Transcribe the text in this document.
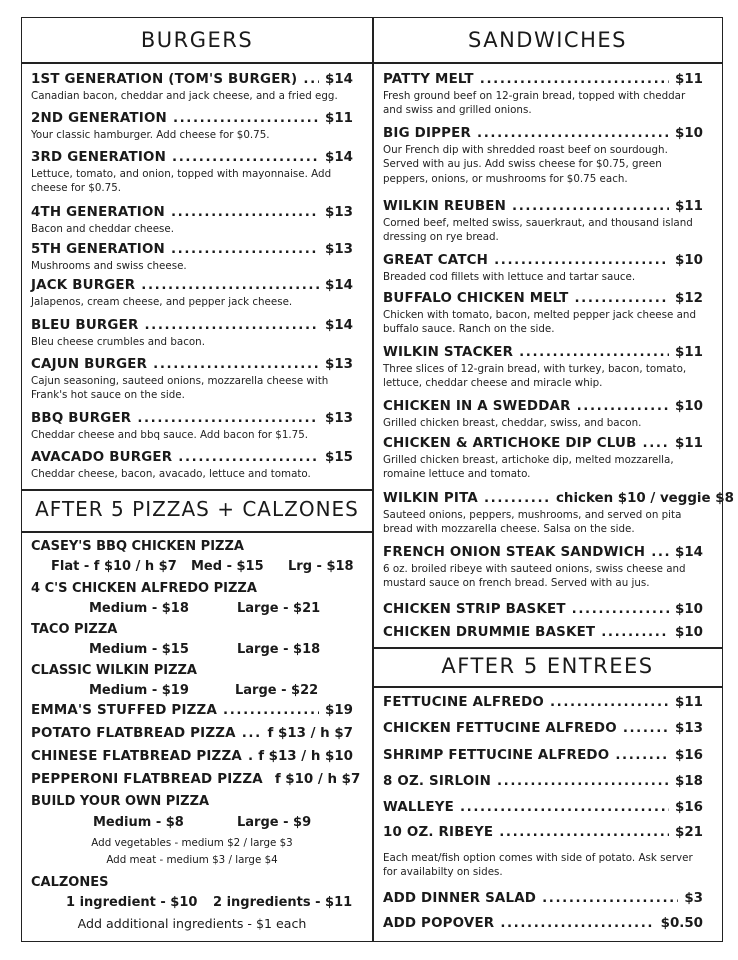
BURGERS	SANDWICHES
AFTER 5 PIZZAS + CALZONES
AFTER 5 ENTREES
1ST GENERATION (TOM'S BURGER) ..... $14
Canadian bacon, cheddar and jack cheese, and a fried egg.
2ND GENERATION .....	$11
Your classic hamburger. Add cheese for $0.75.
3RD GENERATION .....	$14
Lettuce, tomato, and onion, topped with mayonnaise. Add cheese for $0.75.
4TH GENERATION .....	$13
Bacon and cheddar cheese.
5TH GENERATION .....	$13
Mushrooms and swiss cheese.
JACK BURGER .....	$14
Jalapenos, cream cheese, and pepper jack cheese.
BLEU BURGER .....	$14
Bleu cheese crumbles and bacon.
CAJUN BURGER .....	$13
Cajun seasoning, sauteed onions, mozzarella cheese with Frank's hot sauce on the side.
BBQ BURGER .....	$13
Cheddar cheese and bbq sauce. Add bacon for $1.75.
AVACADO BURGER .....	$15
Cheddar cheese, bacon, avacado, lettuce and tomato.
CASEY'S BBQ CHICKEN PIZZA
Flat - f $10 / h $7 Med - $15 Lrg - $18
4 C'S CHICKEN ALFREDO PIZZA
Medium - $18	Large - $21
TACO PIZZA
Medium - $15	Large - $18
CLASSIC WILKIN PIZZA
Medium - $19	Large - $22
EMMA'S STUFFED PIZZA .....	$19
POTATO FLATBREAD PIZZA ..... f $13 / h $7
CHINESE FLATBREAD PIZZA ..... f $13 / h $10
PEPPERONI FLATBREAD PIZZA f $10 / h $7
BUILD YOUR OWN PIZZA
Medium - $8	Large - $9
Add vegetables - medium $2 / large $3
Add meat - medium $3 / large $4
CALZONES
1 ingredient - $10 2 ingredients - $11
Add additional ingredients - $1 each
PATTY MELT .....	$11
Fresh ground beef on 12-grain bread, topped with cheddar and swiss and grilled onions.
BIG DIPPER .....	$10
Our French dip with shredded roast beef on sourdough. Served with au jus. Add swiss cheese for $0.75, green peppers, onions, or mushrooms for $0.75 each.
WILKIN REUBEN .....	$11
Corned beef, melted swiss, sauerkraut, and thousand island dressing on rye bread.
GREAT CATCH .....	$10
Breaded cod fillets with lettuce and tartar sauce.
BUFFALO CHICKEN MELT .....	$12
Chicken with tomato, bacon, melted pepper jack cheese and buffalo sauce. Ranch on the side.
WILKIN STACKER .....	$11
Three slices of 12-grain bread, with turkey, bacon, tomato, lettuce, cheddar cheese and miracle whip.
CHICKEN IN A SWEDDAR .....	$10
Grilled chicken breast, cheddar, swiss, and bacon.
CHICKEN & ARTICHOKE DIP CLUB .....	$11
Grilled chicken breast, artichoke dip, melted mozzarella, romaine lettuce and tomato.
WILKIN PITA .....	chicken $10 / veggie $8
Sauteed onions, peppers, mushrooms, and served on pita bread with mozzarella cheese. Salsa on the side.
FRENCH ONION STEAK SANDWICH ..... $14
6 oz. broiled ribeye with sauteed onions, swiss cheese and mustard sauce on french bread. Served with au jus.
CHICKEN STRIP BASKET .....	$10
CHICKEN DRUMMIE BASKET .....	$10
FETTUCINE ALFREDO .....	$11
CHICKEN FETTUCINE ALFREDO .....	$13
SHRIMP FETTUCINE ALFREDO .....	$16
8 OZ. SIRLOIN .....	$18
WALLEYE .....	$16
10 OZ. RIBEYE .....	$21
Each meat/fish option comes with side of potato. Ask server for availabilty on sides.
ADD DINNER SALAD .....	$3
ADD POPOVER .....	$0.50
